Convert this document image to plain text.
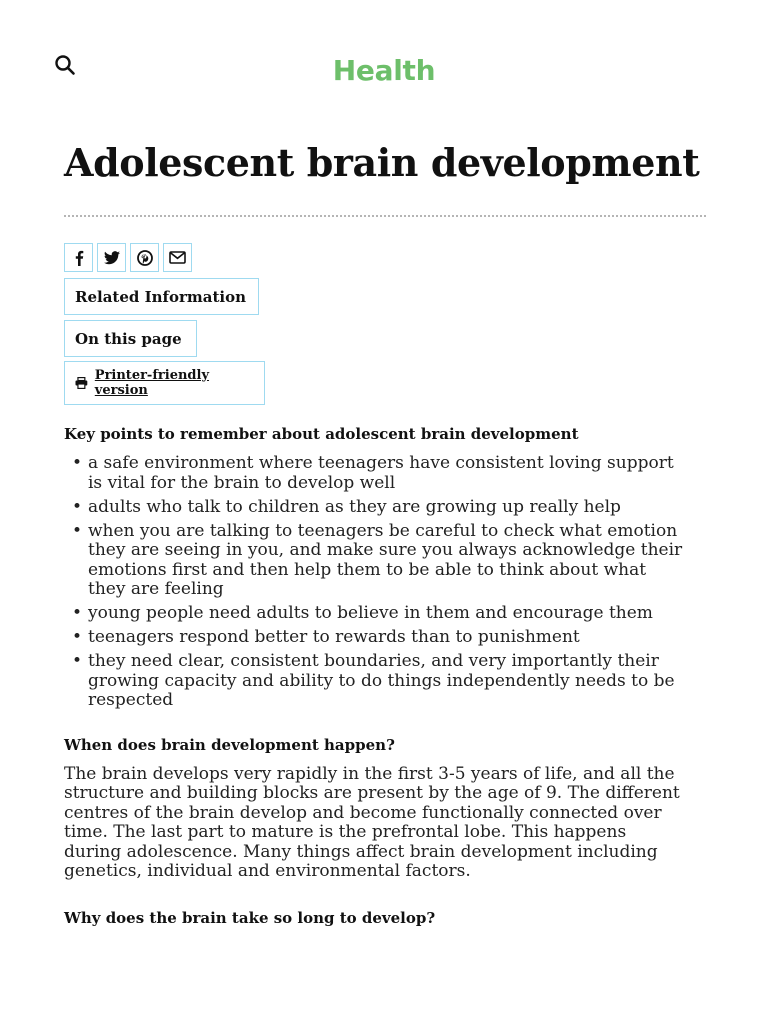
Health
Adolescent brain development
Related Information
On this page
Printer-friendly version

Key points to remember about adolescent brain development

• a safe environment where teenagers have consistent loving support is vital for the brain to develop well
• adults who talk to children as they are growing up really help
• when you are talking to teenagers be careful to check what emotion they are seeing in you, and make sure you always acknowledge their emotions first and then help them to be able to think about what they are feeling
• young people need adults to believe in them and encourage them
• teenagers respond better to rewards than to punishment
• they need clear, consistent boundaries, and very importantly their growing capacity and ability to do things independently needs to be respected

When does brain development happen?

The brain develops very rapidly in the first 3-5 years of life, and all the structure and building blocks are present by the age of 9. The different centres of the brain develop and become functionally connected over time. The last part to mature is the prefrontal lobe. This happens during adolescence. Many things affect brain development including genetics, individual and environmental factors.

Why does the brain take so long to develop?
